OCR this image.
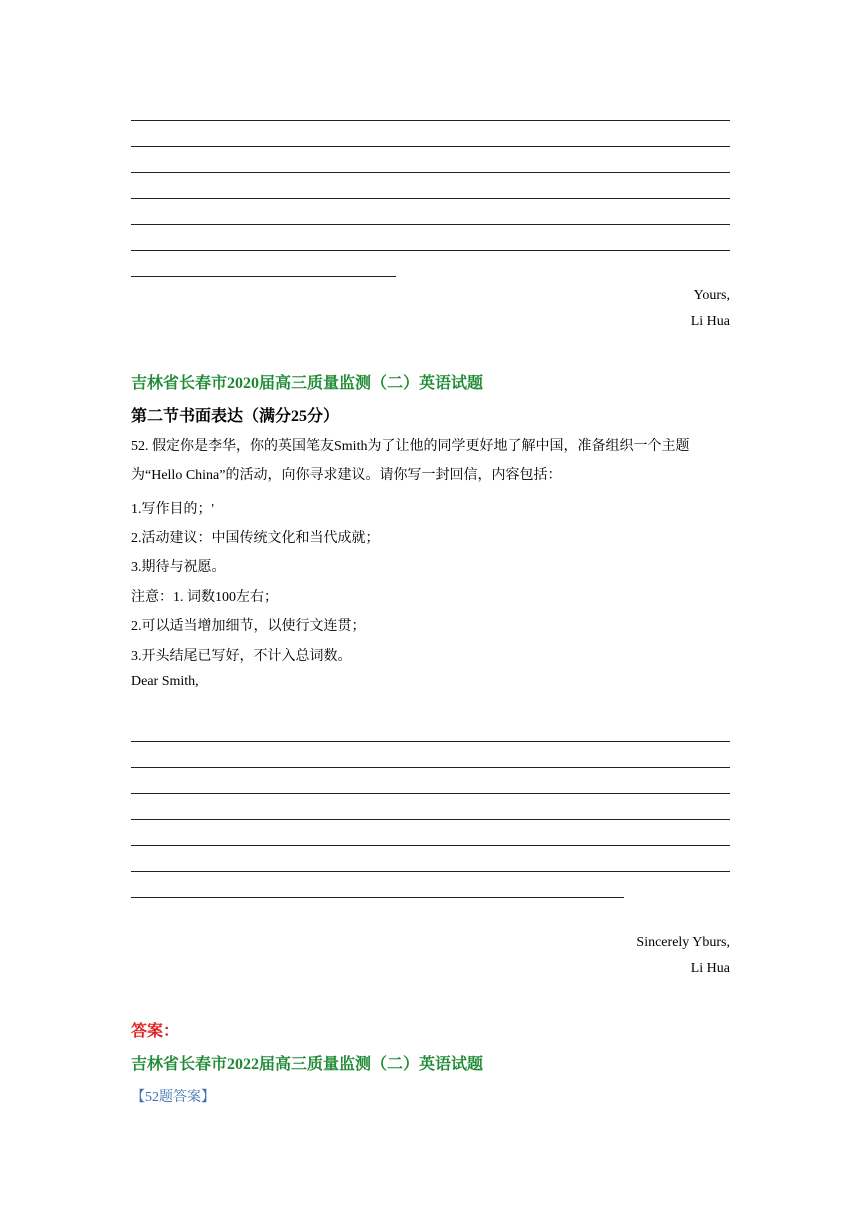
Yours,
Li Hua
吉林省长春市2020届高三质量监测（二）英语试题
第二节书面表达（满分25分）
52. 假定你是李华，你的英国笔友Smith为了让他的同学更好地了解中国，准备组织一个主题为“Hello China”的活动，向你寻求建议。请你写一封回信，内容包括：
1.写作目的；'
2.活动建议：中国传统文化和当代成就；
3.期待与祝愿。
注意：1. 词数100左右；
2.可以适当增加细节，以使行文连贯；
3.开头结尾已写好，不计入总词数。
Dear Smith,
Sincerely Yburs,
Li Hua
答案：
吉林省长春市2022届高三质量监测（二）英语试题
【52题答案】
